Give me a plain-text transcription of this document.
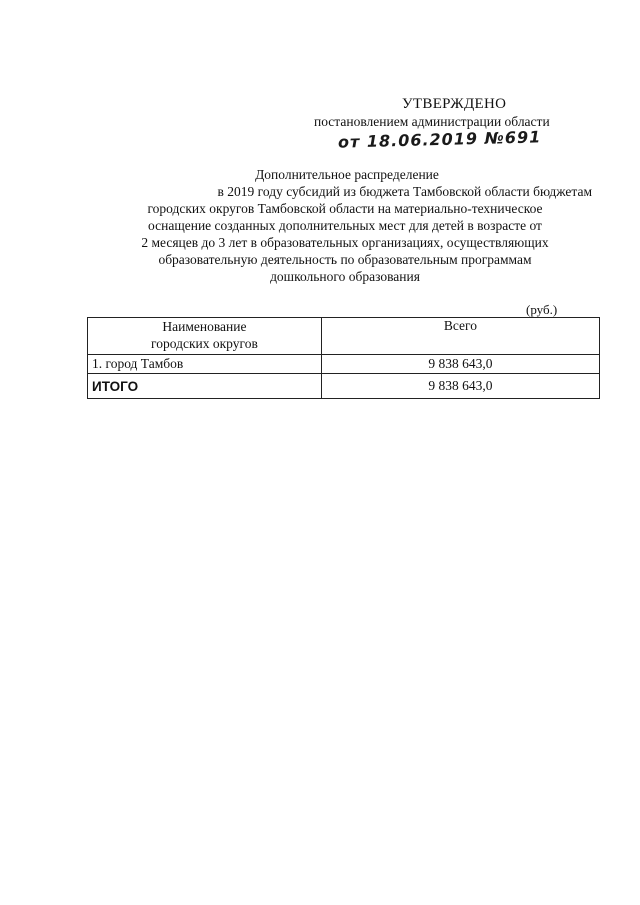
УТВЕРЖДЕНО
постановлением администрации области
от 18.06.2019 №691
Дополнительное распределение
в 2019 году субсидий из бюджета Тамбовской области бюджетам
городских округов Тамбовской области на материально-техническое
оснащение созданных дополнительных мест для детей в возрасте от
2 месяцев до 3 лет в образовательных организациях, осуществляющих
образовательную деятельность по образовательным программам
дошкольного образования
(руб.)
Наименование
городских округов	Всего
1. город Тамбов	9 838 643,0
ИТОГО	9 838 643,0
